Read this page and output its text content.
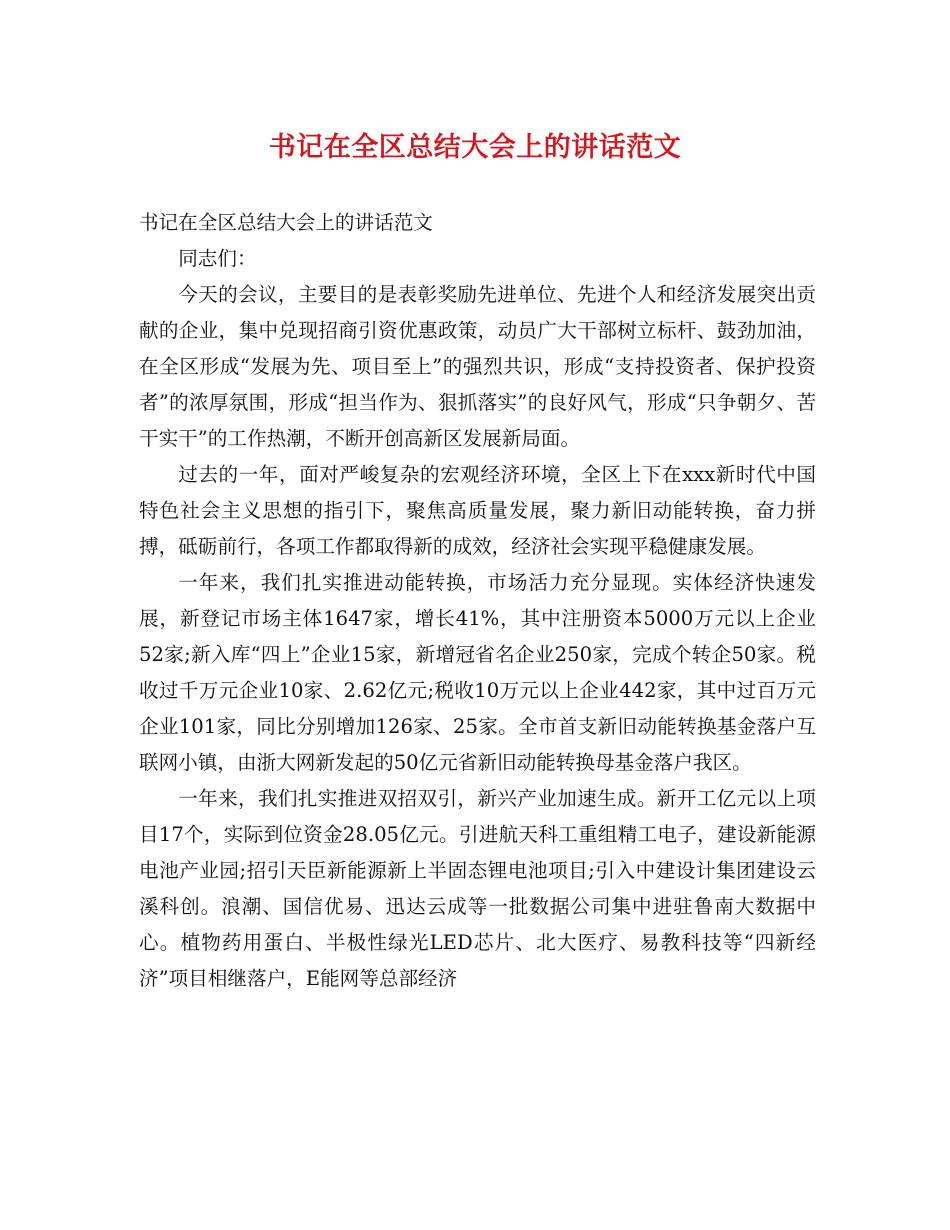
书记在全区总结大会上的讲话范文

书记在全区总结大会上的讲话范文

同志们：

今天的会议，主要目的是表彰奖励先进单位、先进个人和经济发展突出贡献的企业，集中兑现招商引资优惠政策，动员广大干部树立标杆、鼓劲加油，在全区形成“发展为先、项目至上”的强烈共识，形成“支持投资者、保护投资者”的浓厚氛围，形成“担当作为、狠抓落实”的良好风气，形成“只争朝夕、苦干实干”的工作热潮，不断开创高新区发展新局面。

过去的一年，面对严峻复杂的宏观经济环境，全区上下在xxx新时代中国特色社会主义思想的指引下，聚焦高质量发展，聚力新旧动能转换，奋力拼搏，砥砺前行，各项工作都取得新的成效，经济社会实现平稳健康发展。

一年来，我们扎实推进动能转换，市场活力充分显现。实体经济快速发展，新登记市场主体1647家，增长41%，其中注册资本5000万元以上企业52家;新入库“四上”企业15家，新增冠省名企业250家，完成个转企50家。税收过千万元企业10家、2.62亿元;税收10万元以上企业442家，其中过百万元企业101家，同比分别增加126家、25家。全市首支新旧动能转换基金落户互联网小镇，由浙大网新发起的50亿元省新旧动能转换母基金落户我区。

一年来，我们扎实推进双招双引，新兴产业加速生成。新开工亿元以上项目17个，实际到位资金28.05亿元。引进航天科工重组精工电子，建设新能源电池产业园;招引天臣新能源新上半固态锂电池项目;引入中建设计集团建设云溪科创。浪潮、国信优易、迅达云成等一批数据公司集中进驻鲁南大数据中心。植物药用蛋白、半极性绿光LED芯片、北大医疗、易教科技等“四新经济”项目相继落户，E能网等总部经济
